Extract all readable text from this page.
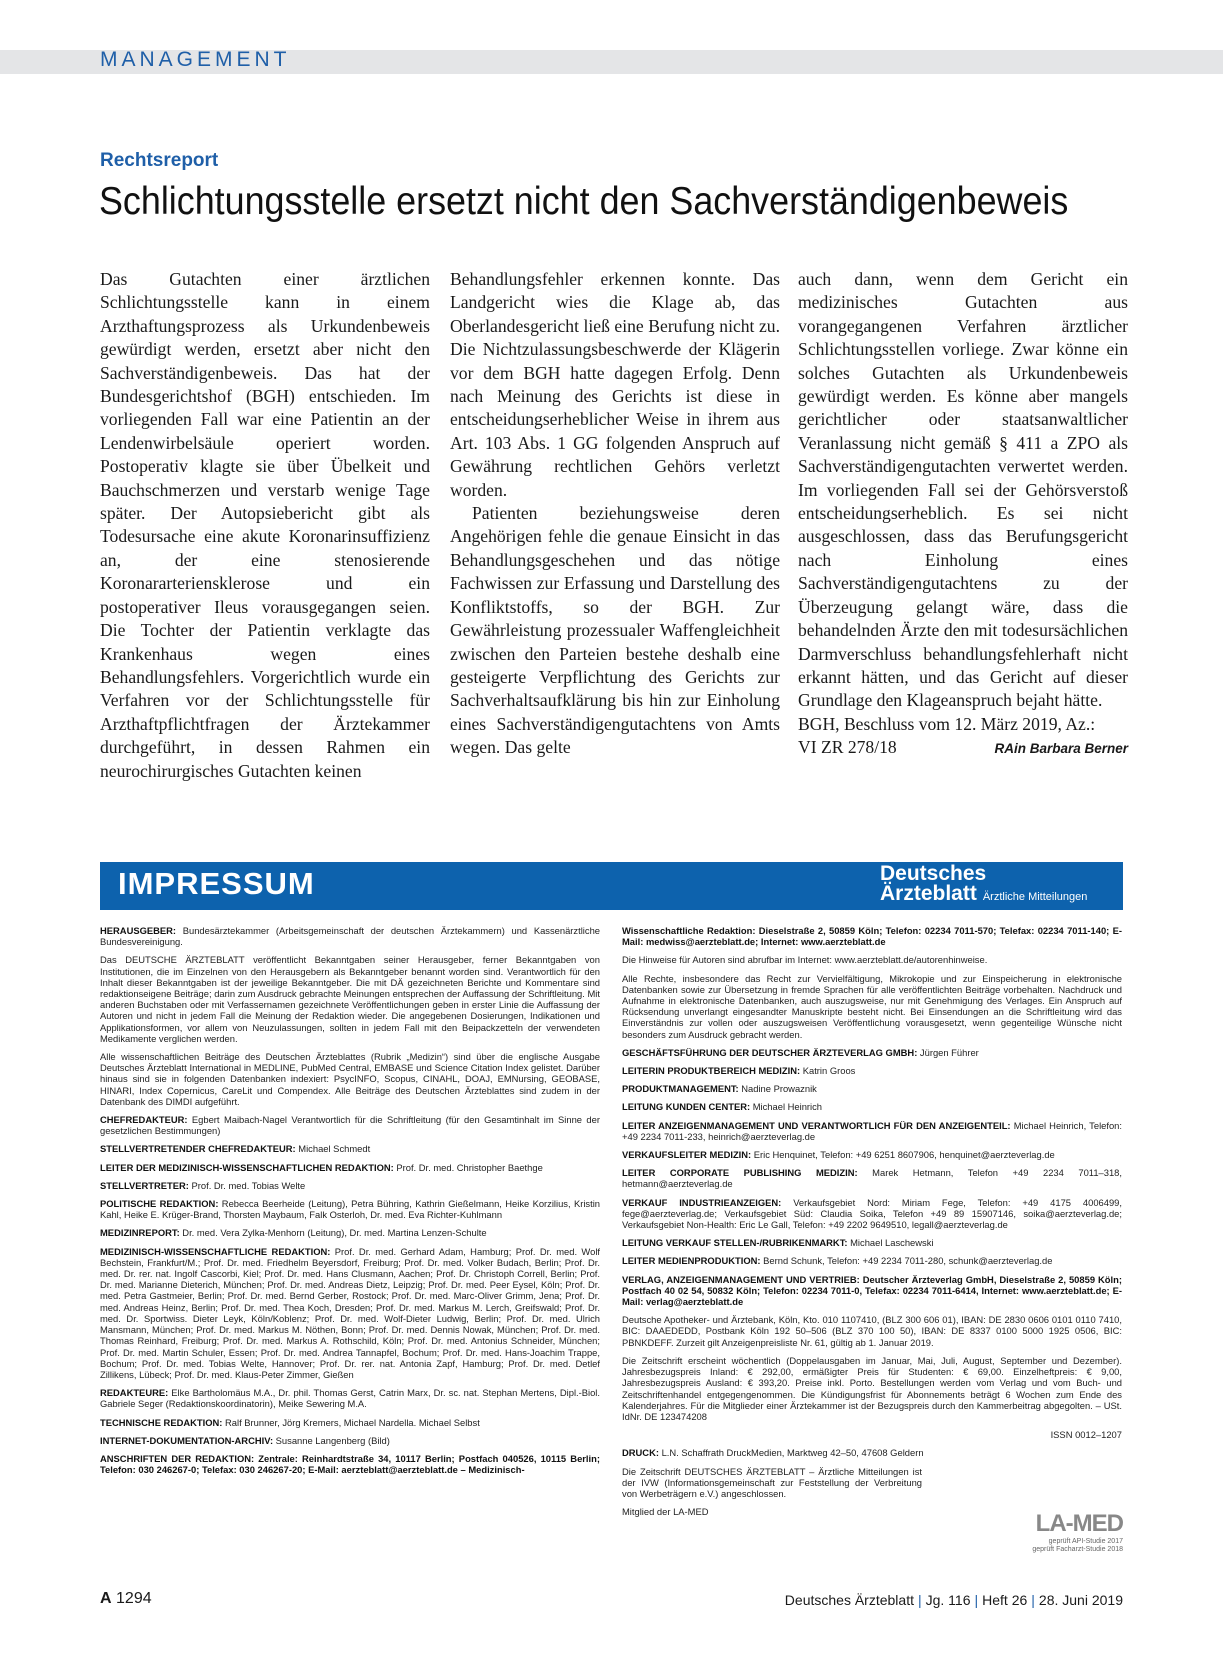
MANAGEMENT
Rechtsreport
Schlichtungsstelle ersetzt nicht den Sachverständigenbeweis

Das Gutachten einer ärztlichen Schlichtungsstelle kann in einem Arzthaftungsprozess als Urkundenbeweis gewürdigt werden, ersetzt aber nicht den Sachverständigenbeweis. Das hat der Bundesgerichtshof (BGH) entschieden. Im vorliegenden Fall war eine Patientin an der Lendenwirbelsäule operiert worden. Postoperativ klagte sie über Übelkeit und Bauchschmerzen und verstarb wenige Tage später. Der Autopsiebericht gibt als Todesursache eine akute Koronarinsuffizienz an, der eine stenosierende Koronararteriensklerose und ein postoperativer Ileus vorausgegangen seien. Die Tochter der Patientin verklagte das Krankenhaus wegen eines Behandlungsfehlers. Vorgerichtlich wurde ein Verfahren vor der Schlichtungsstelle für Arzthaftpflichtfragen der Ärztekammer durchgeführt, in dessen Rahmen ein neurochirurgisches Gutachten keinen

Behandlungsfehler erkennen konnte. Das Landgericht wies die Klage ab, das Oberlandesgericht ließ eine Berufung nicht zu. Die Nichtzulassungsbeschwerde der Klägerin vor dem BGH hatte dagegen Erfolg. Denn nach Meinung des Gerichts ist diese in entscheidungserheblicher Weise in ihrem aus Art. 103 Abs. 1 GG folgenden Anspruch auf Gewährung rechtlichen Gehörs verletzt worden.

Patienten beziehungsweise deren Angehörigen fehle die genaue Einsicht in das Behandlungsgeschehen und das nötige Fachwissen zur Erfassung und Darstellung des Konfliktstoffs, so der BGH. Zur Gewährleistung prozessualer Waffengleichheit zwischen den Parteien bestehe deshalb eine gesteigerte Verpflichtung des Gerichts zur Sachverhaltsaufklärung bis hin zur Einholung eines Sachverständigengutachtens von Amts wegen. Das gelte

auch dann, wenn dem Gericht ein medizinisches Gutachten aus vorangegangenen Verfahren ärztlicher Schlichtungsstellen vorliege. Zwar könne ein solches Gutachten als Urkundenbeweis gewürdigt werden. Es könne aber mangels gerichtlicher oder staatsanwaltlicher Veranlassung nicht gemäß § 411 a ZPO als Sachverständigengutachten verwertet werden. Im vorliegenden Fall sei der Gehörsverstoß entscheidungserheblich. Es sei nicht ausgeschlossen, dass das Berufungsgericht nach Einholung eines Sachverständigengutachtens zu der Überzeugung gelangt wäre, dass die behandelnden Ärzte den mit todesursächlichen Darmverschluss behandlungsfehlerhaft nicht erkannt hätten, und das Gericht auf dieser Grundlage den Klageanspruch bejaht hätte.

BGH, Beschluss vom 12. März 2019, Az.:

VI ZR 278/18	RAin Barbara Berner
IMPRESSUM	Deutsches
Ärzteblatt Ärztliche Mitteilungen

HERAUSGEBER: Bundesärztekammer (Arbeitsgemeinschaft der deutschen Ärztekammern) und Kassenärztliche Bundesvereinigung.

Das DEUTSCHE ÄRZTEBLATT veröffentlicht Bekanntgaben seiner Herausgeber, ferner Bekanntgaben von Institutionen, die im Einzelnen von den Herausgebern als Bekanntgeber benannt worden sind. Verantwortlich für den Inhalt dieser Bekanntgaben ist der jeweilige Bekanntgeber. Die mit DÄ gezeichneten Berichte und Kommentare sind redaktionseigene Beiträge; darin zum Ausdruck gebrachte Meinungen entsprechen der Auffassung der Schriftleitung. Mit anderen Buchstaben oder mit Verfassernamen gezeichnete Veröffentlichungen geben in erster Linie die Auffassung der Autoren und nicht in jedem Fall die Meinung der Redaktion wieder. Die angegebenen Dosierungen, Indikationen und Applikationsformen, vor allem von Neuzulassungen, sollten in jedem Fall mit den Beipackzetteln der verwendeten Medikamente verglichen werden.

Alle wissenschaftlichen Beiträge des Deutschen Ärzteblattes (Rubrik „Medizin“) sind über die englische Ausgabe Deutsches Ärzteblatt International in MEDLINE, PubMed Central, EMBASE und Science Citation Index gelistet. Darüber hinaus sind sie in folgenden Datenbanken indexiert: PsycINFO, Scopus, CINAHL, DOAJ, EMNursing, GEOBASE, HINARI, Index Copernicus, CareLit und Compendex. Alle Beiträge des Deutschen Ärzteblattes sind zudem in der Datenbank des DIMDI aufgeführt.

CHEFREDAKTEUR: Egbert Maibach-Nagel Verantwortlich für die Schriftleitung (für den Gesamtinhalt im Sinne der gesetzlichen Bestimmungen)

STELLVERTRETENDER CHEFREDAKTEUR: Michael Schmedt

LEITER DER MEDIZINISCH-WISSENSCHAFTLICHEN REDAKTION: Prof. Dr. med. Christopher Baethge

STELLVERTRETER: Prof. Dr. med. Tobias Welte

POLITISCHE REDAKTION: Rebecca Beerheide (Leitung), Petra Bühring, Kathrin Gießelmann, Heike Korzilius, Kristin Kahl, Heike E. Krüger-Brand, Thorsten Maybaum, Falk Osterloh, Dr. med. Eva Richter-Kuhlmann

MEDIZINREPORT: Dr. med. Vera Zylka-Menhorn (Leitung), Dr. med. Martina Lenzen-Schulte

MEDIZINISCH-WISSENSCHAFTLICHE REDAKTION: Prof. Dr. med. Gerhard Adam, Hamburg; Prof. Dr. med. Wolf Bechstein, Frankfurt/M.; Prof. Dr. med. Friedhelm Beyersdorf, Freiburg; Prof. Dr. med. Volker Budach, Berlin; Prof. Dr. med. Dr. rer. nat. Ingolf Cascorbi, Kiel; Prof. Dr. med. Hans Clusmann, Aachen; Prof. Dr. Christoph Correll, Berlin; Prof. Dr. med. Marianne Dieterich, München; Prof. Dr. med. Andreas Dietz, Leipzig; Prof. Dr. med. Peer Eysel, Köln; Prof. Dr. med. Petra Gastmeier, Berlin; Prof. Dr. med. Bernd Gerber, Rostock; Prof. Dr. med. Marc-Oliver Grimm, Jena; Prof. Dr. med. Andreas Heinz, Berlin; Prof. Dr. med. Thea Koch, Dresden; Prof. Dr. med. Markus M. Lerch, Greifswald; Prof. Dr. med. Dr. Sportwiss. Dieter Leyk, Köln/Koblenz; Prof. Dr. med. Wolf-Dieter Ludwig, Berlin; Prof. Dr. med. Ulrich Mansmann, München; Prof. Dr. med. Markus M. Nöthen, Bonn; Prof. Dr. med. Dennis Nowak, München; Prof. Dr. med. Thomas Reinhard, Freiburg; Prof. Dr. med. Markus A. Rothschild, Köln; Prof. Dr. med. Antonius Schneider, München; Prof. Dr. med. Martin Schuler, Essen; Prof. Dr. med. Andrea Tannapfel, Bochum; Prof. Dr. med. Hans-Joachim Trappe, Bochum; Prof. Dr. med. Tobias Welte, Hannover; Prof. Dr. rer. nat. Antonia Zapf, Hamburg; Prof. Dr. med. Detlef Zillikens, Lübeck; Prof. Dr. med. Klaus-Peter Zimmer, Gießen

REDAKTEURE: Elke Bartholomäus M.A., Dr. phil. Thomas Gerst, Catrin Marx, Dr. sc. nat. Stephan Mertens, Dipl.-Biol. Gabriele Seger (Redaktionskoordinatorin), Meike Sewering M.A.

TECHNISCHE REDAKTION: Ralf Brunner, Jörg Kremers, Michael Nardella. Michael Selbst

INTERNET-DOKUMENTATION-ARCHIV: Susanne Langenberg (Bild)

ANSCHRIFTEN DER REDAKTION: Zentrale: Reinhardtstraße 34, 10117 Berlin; Postfach 040526, 10115 Berlin; Telefon: 030 246267-0; Telefax: 030 246267-20; E-Mail: aerzteblatt@aerzteblatt.de – Medizinisch-

Wissenschaftliche Redaktion: Dieselstraße 2, 50859 Köln; Telefon: 02234 7011-570; Telefax: 02234 7011-140; E-Mail: medwiss@aerzteblatt.de; Internet: www.aerzteblatt.de

Die Hinweise für Autoren sind abrufbar im Internet: www.aerzteblatt.de/autorenhinweise.

Alle Rechte, insbesondere das Recht zur Vervielfältigung, Mikrokopie und zur Einspeicherung in elektronische Datenbanken sowie zur Übersetzung in fremde Sprachen für alle veröffentlichten Beiträge vorbehalten. Nachdruck und Aufnahme in elektronische Datenbanken, auch auszugsweise, nur mit Genehmigung des Verlages. Ein Anspruch auf Rücksendung unverlangt eingesandter Manuskripte besteht nicht. Bei Einsendungen an die Schriftleitung wird das Einverständnis zur vollen oder auszugsweisen Veröffentlichung vorausgesetzt, wenn gegenteilige Wünsche nicht besonders zum Ausdruck gebracht werden.

GESCHÄFTSFÜHRUNG DER DEUTSCHER ÄRZTEVERLAG GMBH: Jürgen Führer

LEITERIN PRODUKTBEREICH MEDIZIN: Katrin Groos

PRODUKTMANAGEMENT: Nadine Prowaznik

LEITUNG KUNDEN CENTER: Michael Heinrich

LEITER ANZEIGENMANAGEMENT UND VERANTWORTLICH FÜR DEN ANZEIGENTEIL: Michael Heinrich, Telefon: +49 2234 7011-233, heinrich@aerzteverlag.de

VERKAUFSLEITER MEDIZIN: Eric Henquinet, Telefon: +49 6251 8607906, henquinet@aerzteverlag.de

LEITER CORPORATE PUBLISHING MEDIZIN: Marek Hetmann, Telefon +49 2234 7011–318, hetmann@aerzteverlag.de

VERKAUF INDUSTRIEANZEIGEN: Verkaufsgebiet Nord: Miriam Fege, Telefon: +49 4175 4006499, fege@aerzteverlag.de; Verkaufsgebiet Süd: Claudia Soika, Telefon +49 89 15907146, soika@aerzteverlag.de; Verkaufsgebiet Non-Health: Eric Le Gall, Telefon: +49 2202 9649510, legall@aerzteverlag.de

LEITUNG VERKAUF STELLEN-/RUBRIKENMARKT: Michael Laschewski

LEITER MEDIENPRODUKTION: Bernd Schunk, Telefon: +49 2234 7011-280, schunk@aerzteverlag.de

VERLAG, ANZEIGENMANAGEMENT UND VERTRIEB: Deutscher Ärzteverlag GmbH, Dieselstraße 2, 50859 Köln; Postfach 40 02 54, 50832 Köln; Telefon: 02234 7011-0, Telefax: 02234 7011-6414, Internet: www.aerzteblatt.de; E-Mail: verlag@aerzteblatt.de

Deutsche Apotheker- und Ärztebank, Köln, Kto. 010 1107410, (BLZ 300 606 01), IBAN: DE 2830 0606 0101 0110 7410, BIC: DAAEDEDD, Postbank Köln 192 50–506 (BLZ 370 100 50), IBAN: DE 8337 0100 5000 1925 0506, BIC: PBNKDEFF. Zurzeit gilt Anzeigenpreisliste Nr. 61, gültig ab 1. Januar 2019.

Die Zeitschrift erscheint wöchentlich (Doppelausgaben im Januar, Mai, Juli, August, September und Dezember). Jahresbezugspreis Inland: € 292,00, ermäßigter Preis für Studenten: € 69,00. Einzelheftpreis: € 9,00, Jahresbezugspreis Ausland: € 393,20. Preise inkl. Porto. Bestellungen werden vom Verlag und vom Buch- und Zeitschriftenhandel entgegengenommen. Die Kündigungsfrist für Abonnements beträgt 6 Wochen zum Ende des Kalenderjahres. Für die Mitglieder einer Ärztekammer ist der Bezugspreis durch den Kammerbeitrag abgegolten. – USt. IdNr. DE 123474208

ISSN 0012–1207

DRUCK: L.N. Schaffrath DruckMedien, Marktweg 42–50, 47608 Geldern

Die Zeitschrift DEUTSCHES ÄRZTEBLATT – Ärztliche Mitteilungen ist der IVW (Informationsgemeinschaft zur Feststellung der Verbreitung von Werbeträgern e.V.) angeschlossen.

Mitglied der LA-MED	LA-MED
geprüft API-Studie 2017
geprüft Facharzt-Studie 2018
A 1294	Deutsches Ärzteblatt | Jg. 116 | Heft 26 | 28. Juni 2019
